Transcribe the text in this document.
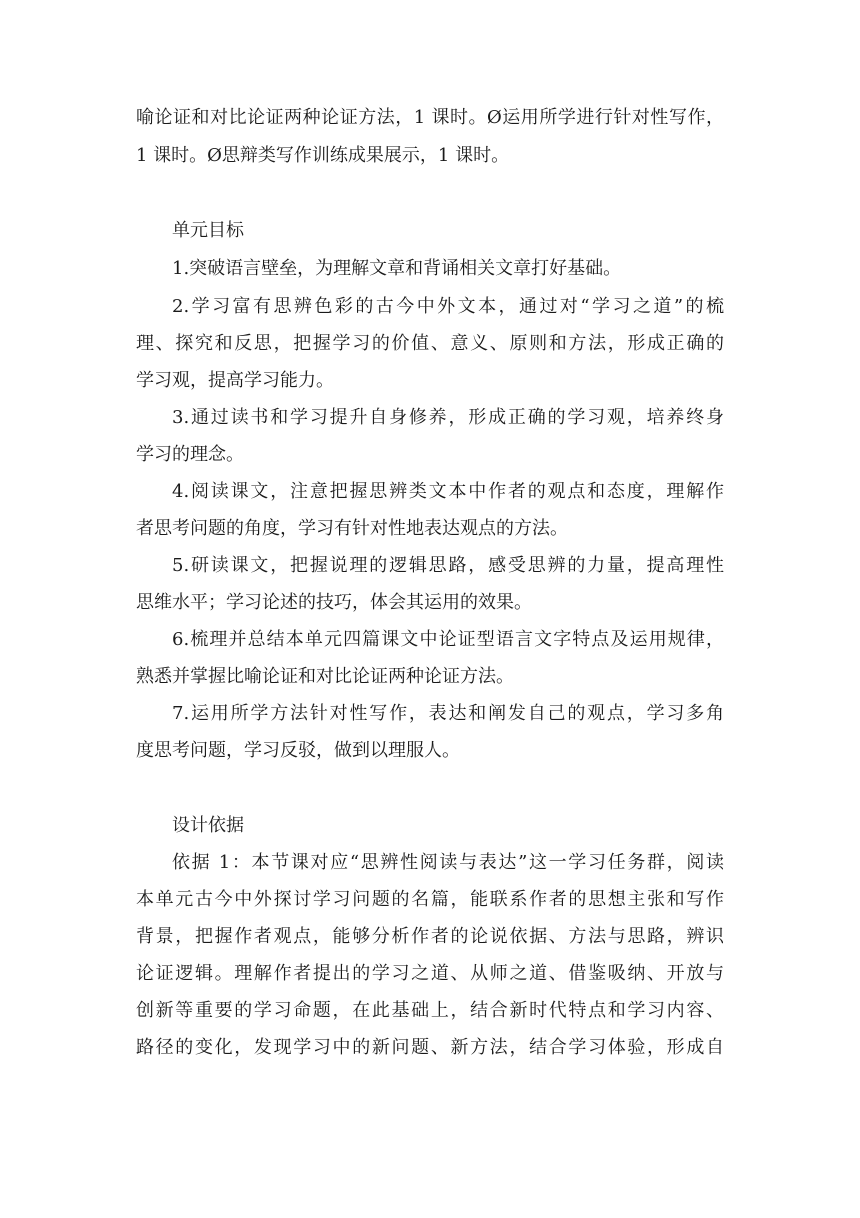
喻论证和对比论证两种论证方法，1 课时。Ø运用所学进行针对性写作，
1 课时。Ø思辩类写作训练成果展示，1 课时。
单元目标
1.突破语言壁垒，为理解文章和背诵相关文章打好基础。
2.学习富有思辨色彩的古今中外文本，通过对“学习之道”的梳
理、探究和反思，把握学习的价值、意义、原则和方法，形成正确的
学习观，提高学习能力。
3.通过读书和学习提升自身修养，形成正确的学习观，培养终身
学习的理念。
4.阅读课文，注意把握思辨类文本中作者的观点和态度，理解作
者思考问题的角度，学习有针对性地表达观点的方法。
5.研读课文，把握说理的逻辑思路，感受思辨的力量，提高理性
思维水平；学习论述的技巧，体会其运用的效果。
6.梳理并总结本单元四篇课文中论证型语言文字特点及运用规律，
熟悉并掌握比喻论证和对比论证两种论证方法。
7.运用所学方法针对性写作，表达和阐发自己的观点，学习多角
度思考问题，学习反驳，做到以理服人。
设计依据
依据 1：本节课对应“思辨性阅读与表达”这一学习任务群，阅读
本单元古今中外探讨学习问题的名篇，能联系作者的思想主张和写作
背景，把握作者观点，能够分析作者的论说依据、方法与思路，辨识
论证逻辑。理解作者提出的学习之道、从师之道、借鉴吸纳、开放与
创新等重要的学习命题，在此基础上，结合新时代特点和学习内容、
路径的变化，发现学习中的新问题、新方法，结合学习体验，形成自
